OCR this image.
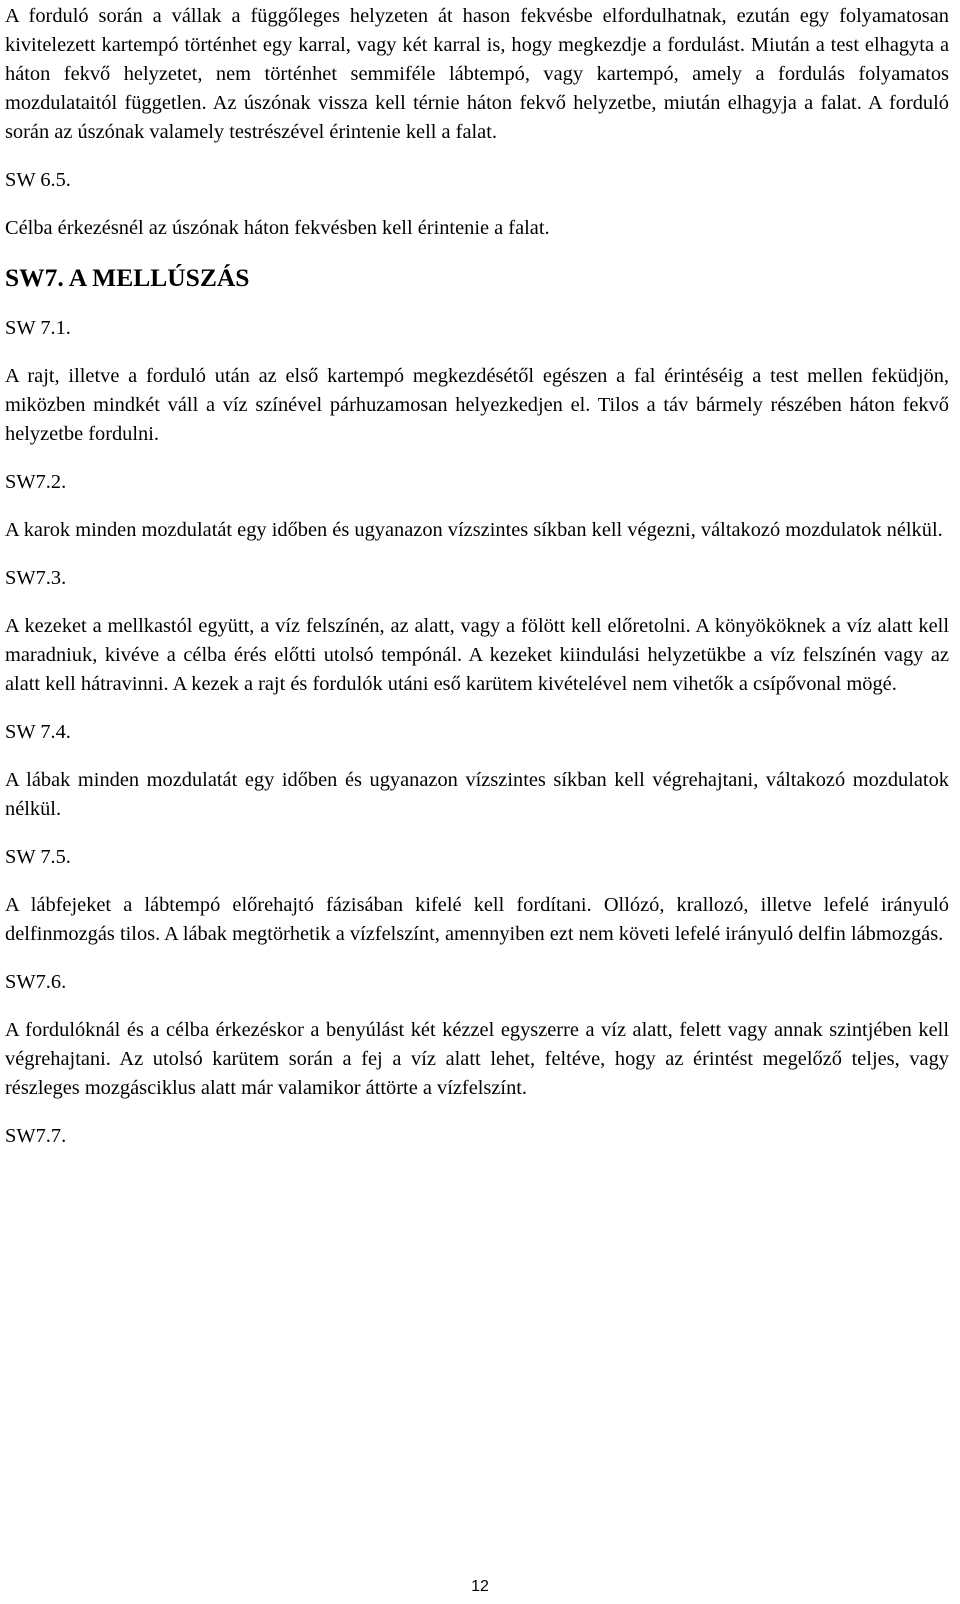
A forduló során a vállak a függőleges helyzeten át hason fekvésbe elfordulhatnak, ezután egy folyamatosan kivitelezett kartempó történhet egy karral, vagy két karral is, hogy megkezdje a fordulást. Miután a test elhagyta a háton fekvő helyzetet, nem történhet semmiféle lábtempó, vagy kartempó, amely a fordulás folyamatos mozdulataitól független. Az úszónak vissza kell térnie háton fekvő helyzetbe, miután elhagyja a falat. A forduló során az úszónak valamely testrészével érintenie kell a falat.

SW 6.5.

Célba érkezésnél az úszónak háton fekvésben kell érintenie a falat.

SW7. A MELLÚSZÁS

SW 7.1.

A rajt, illetve a forduló után az első kartempó megkezdésétől egészen a fal érintéséig a test mellen feküdjön, miközben mindkét váll a víz színével párhuzamosan helyezkedjen el. Tilos a táv bármely részében háton fekvő helyzetbe fordulni.

SW7.2.

A karok minden mozdulatát egy időben és ugyanazon vízszintes síkban kell végezni, váltakozó mozdulatok nélkül.

SW7.3.

A kezeket a mellkastól együtt, a víz felszínén, az alatt, vagy a fölött kell előretolni. A könyököknek a víz alatt kell maradniuk, kivéve a célba érés előtti utolsó tempónál. A kezeket kiindulási helyzetükbe a víz felszínén vagy az alatt kell hátravinni. A kezek a rajt és fordulók utáni eső karütem kivételével nem vihetők a csípővonal mögé.

SW 7.4.

A lábak minden mozdulatát egy időben és ugyanazon vízszintes síkban kell végrehajtani, váltakozó mozdulatok nélkül.

SW 7.5.

A lábfejeket a lábtempó előrehajtó fázisában kifelé kell fordítani. Ollózó, krallozó, illetve lefelé irányuló delfinmozgás tilos. A lábak megtörhetik a vízfelszínt, amennyiben ezt nem követi lefelé irányuló delfin lábmozgás.

SW7.6.

A fordulóknál és a célba érkezéskor a benyúlást két kézzel egyszerre a víz alatt, felett vagy annak szintjében kell végrehajtani. Az utolsó karütem során a fej a víz alatt lehet, feltéve, hogy az érintést megelőző teljes, vagy részleges mozgásciklus alatt már valamikor áttörte a vízfelszínt.

SW7.7.

12
